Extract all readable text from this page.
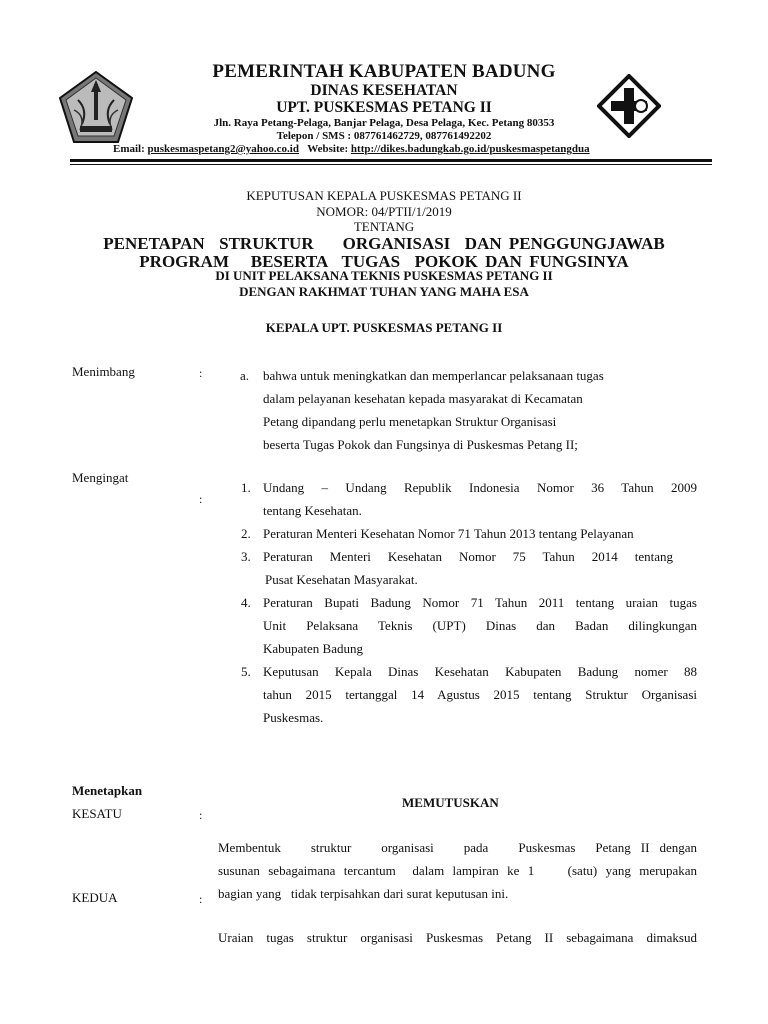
PEMERINTAH KABUPATEN BADUNG
DINAS KESEHATAN
UPT. PUSKESMAS PETANG II
Jln. Raya Petang-Pelaga, Banjar Pelaga, Desa Pelaga, Kec. Petang 80353
Telepon / SMS : 087761462729, 087761492202
Email: puskesmaspetang2@yahoo.co.id Website: http://dikes.badungkab.go.id/puskesmaspetangdua
KEPUTUSAN KEPALA PUSKESMAS PETANG II
NOMOR: 04/PTII/1/2019
TENTANG
PENETAPAN  STRUKTUR    ORGANISASI  DAN PENGGUNGJAWAB
PROGRAM   BESERTA  TUGAS  POKOK DAN FUNGSINYA
DI UNIT PELAKSANA TEKNIS PUSKESMAS PETANG II
DENGAN RAKHMAT TUHAN YANG MAHA ESA
KEPALA UPT. PUSKESMAS PETANG II
Menimbang	:	a. bahwa untuk meningkatkan dan memperlancar pelaksanaan tugas
dalam pelayanan kesehatan kepada masyarakat di Kecamatan
Petang dipandang perlu menetapkan Struktur Organisasi
beserta Tugas Pokok dan Fungsinya di Puskesmas Petang II;
Mengingat
:
1. Undang – Undang Republik Indonesia Nomor 36 Tahun 2009
tentang Kesehatan.
2. Peraturan Menteri Kesehatan Nomor 71 Tahun 2013 tentang Pelayanan
3. Peraturan Menteri Kesehatan Nomor 75 Tahun 2014 tentang
Pusat Kesehatan Masyarakat.
4. Peraturan Bupati Badung Nomor 71 Tahun 2011 tentang uraian tugas
Unit Pelaksana Teknis (UPT) Dinas dan Badan dilingkungan
Kabupaten Badung
5. Keputusan Kepala Dinas Kesehatan Kabupaten Badung nomer 88
tahun 2015 tertanggal 14 Agustus 2015 tentang Struktur Organisasi
Puskesmas.
Menetapkan
MEMUTUSKAN
KESATU	:
Membentuk   struktur   organisasi   pada   Puskesmas  Petang II dengan
susunan sebagaimana tercantum  dalam lampiran ke 1    (satu) yang merupakan
bagian yang   tidak terpisahkan dari surat keputusan ini.
KEDUA	:
Uraian tugas struktur organisasi Puskesmas Petang II sebagaimana dimaksud
